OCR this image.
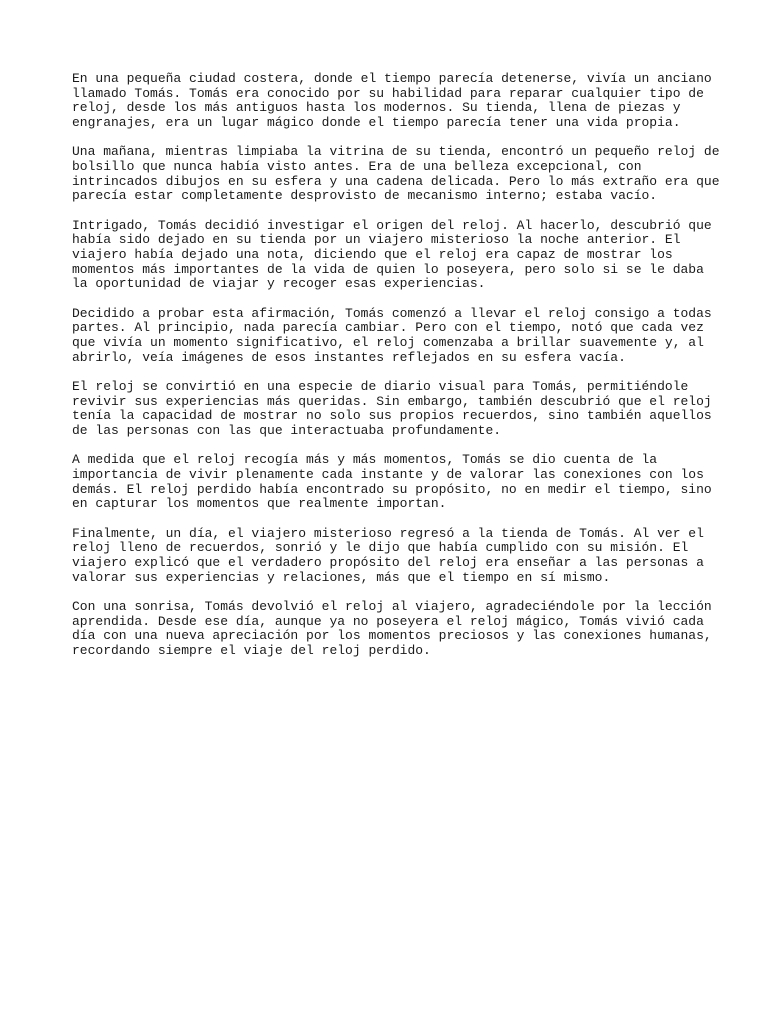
En una pequeña ciudad costera, donde el tiempo parecía detenerse, vivía un anciano
llamado Tomás. Tomás era conocido por su habilidad para reparar cualquier tipo de
reloj, desde los más antiguos hasta los modernos. Su tienda, llena de piezas y
engranajes, era un lugar mágico donde el tiempo parecía tener una vida propia.
Una mañana, mientras limpiaba la vitrina de su tienda, encontró un pequeño reloj de
bolsillo que nunca había visto antes. Era de una belleza excepcional, con
intrincados dibujos en su esfera y una cadena delicada. Pero lo más extraño era que
parecía estar completamente desprovisto de mecanismo interno; estaba vacío.
Intrigado, Tomás decidió investigar el origen del reloj. Al hacerlo, descubrió que
había sido dejado en su tienda por un viajero misterioso la noche anterior. El
viajero había dejado una nota, diciendo que el reloj era capaz de mostrar los
momentos más importantes de la vida de quien lo poseyera, pero solo si se le daba
la oportunidad de viajar y recoger esas experiencias.
Decidido a probar esta afirmación, Tomás comenzó a llevar el reloj consigo a todas
partes. Al principio, nada parecía cambiar. Pero con el tiempo, notó que cada vez
que vivía un momento significativo, el reloj comenzaba a brillar suavemente y, al
abrirlo, veía imágenes de esos instantes reflejados en su esfera vacía.
El reloj se convirtió en una especie de diario visual para Tomás, permitiéndole
revivir sus experiencias más queridas. Sin embargo, también descubrió que el reloj
tenía la capacidad de mostrar no solo sus propios recuerdos, sino también aquellos
de las personas con las que interactuaba profundamente.
A medida que el reloj recogía más y más momentos, Tomás se dio cuenta de la
importancia de vivir plenamente cada instante y de valorar las conexiones con los
demás. El reloj perdido había encontrado su propósito, no en medir el tiempo, sino
en capturar los momentos que realmente importan.
Finalmente, un día, el viajero misterioso regresó a la tienda de Tomás. Al ver el
reloj lleno de recuerdos, sonrió y le dijo que había cumplido con su misión. El
viajero explicó que el verdadero propósito del reloj era enseñar a las personas a
valorar sus experiencias y relaciones, más que el tiempo en sí mismo.
Con una sonrisa, Tomás devolvió el reloj al viajero, agradeciéndole por la lección
aprendida. Desde ese día, aunque ya no poseyera el reloj mágico, Tomás vivió cada
día con una nueva apreciación por los momentos preciosos y las conexiones humanas,
recordando siempre el viaje del reloj perdido.
